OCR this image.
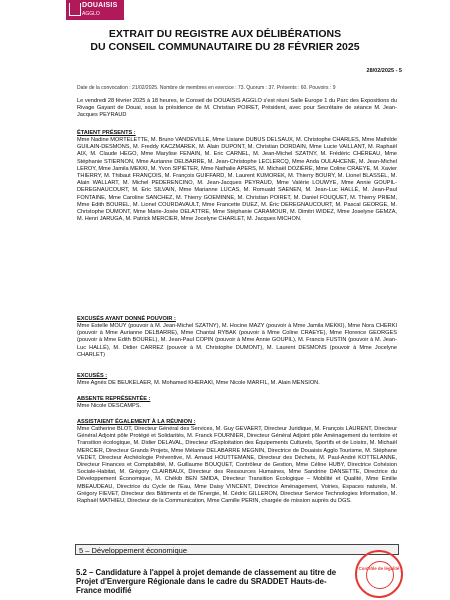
DOUAISIS
AGGLO
EXTRAIT DU REGISTRE AUX DÉLIBÉRATIONS
DU CONSEIL COMMUNAUTAIRE DU 28 FÉVRIER 2025
28/02/2025 - 5
Date de la convocation : 21/02/2025. Nombre de membres en exercice : 73. Quorum : 37. Présents : 60. Pouvoirs : 9
Le vendredi 28 février 2025 à 18 heures, le Conseil de DOUAISIS AGGLO s'est réuni Salle Europe 1 du Parc des Expositions du Rivage Gayant de Douai, sous la présidence de M. Christian POIRET, Président, avec pour Secrétaire de séance M. Jean-Jacques PEYRAUD
ÉTAIENT PRÉSENTS :
Mme Nadine MORTELETTE, M. Bruno VANDEVILLE, Mme Lisiane DUBUS DELSAUX, M. Christophe CHARLES, Mme Mathilde GUILAIN-DESMONS, M. Freddy KACZMAREK, M. Alain DUPONT, M. Christian DORDAIN, Mme Lucie VAILLANT, M. Raphaël AIX, M. Claude HEGO, Mme Marylise FENAIN, M. Eric CARNEL, M. Jean-Michel SZATNY, M. Frédéric CHÉREAU, Mme Stéphanie STIERNON, Mme Aurianne DELBARRE, M. Jean-Christophe LECLERCQ, Mme Anda OULAHCENE, M. Jean-Michel LEROY, Mme Jamila MEKKI, M. Yvon SIPIÉTER, Mme Nathalie APERS, M. Michaël DOZIÈRE, Mme Coline CRAEYE, M. Xavier THIERRY, M. Thibaut FRANÇOIS, M. François GUIFFARD, M. Laurent KUMOREK, M. Thierry BOURY, M. Lionel BLASSEL, M. Alain WALLART, M. Michel PEDERENCINO, M. Jean-Jacques PEYRAUD, Mme Valérie LOUWYE, Mme Annie GOUPIL-DEREGNAUCOURT, M. Eric SILVAIN, Mme Marianne LUCAS, M. Romuald SAENEN, M. Jean-Luc HALLÉ, M. Jean-Paul FONTAINE, Mme Caroline SANCHEZ, M. Thierry GOEMINNE, M. Christian POIRET, M. Daniel FOUQUET, M. Thierry PRIEM, Mme Edith BOUREL, M. Lionel COURDAVAULT, Mme Francette DUEZ, M. Éric DEREGNAUCOURT, M. Pascal GEORGE, M. Christophe DUMONT, Mme Marie-Josée DELATTRE, Mme Stéphanie CARAMOUR, M. Dimitri WIDEZ, Mme Joselyne GEMZA, M. Henri JARUGA, M. Patrick MERCIER, Mme Jocelyne CHARLET, M. Jacques MICHON.
EXCUSÉS AYANT DONNÉ POUVOIR :
Mme Estelle MOUY (pouvoir à M. Jean-Michel SZATNY), M. Hocine MAZY (pouvoir à Mme Jamila MEKKI), Mme Nora CHERKI (pouvoir à Mme Aurianne DELBARRE), Mme Chantal RYBAK (pouvoir à Mme Coline CRAEYE), Mme Florence GEORGES (pouvoir à Mme Edith BOUREL), M. Jean-Paul COPIN (pouvoir à Mme Annie GOUPIL), M. Francis FUSTIN (pouvoir à M. Jean-Luc HALLÉ), M. Didier CARREZ (pouvoir à M. Christophe DUMONT), M. Laurent DESMONS (pouvoir à Mme Jocelyne CHARLET)
EXCUSÉS :
Mme Agnès DE BEUKELAER, M. Mohamed KHERAKI, Mme Nicole MARFIL, M. Alain MENSION.
ABSENTE REPRÉSENTÉE :
Mme Nicole DESCAMPS.
ASSISTAIENT ÉGALEMENT À LA RÉUNION :
Mme Catherine BLOT, Directeur Général des Services, M. Guy GEVAERT, Directeur Juridique, M. François LAURENT, Directeur Général Adjoint pôle Protégé et Solidarités, M. Franck FOURNIER, Directeur Général Adjoint pôle Aménagement du territoire et Transition écologique, M. Didier DELAVAL, Directeur d'Exploitation des Équipements Culturels, Sportifs et de Loisirs, M. Michaël MERCIER, Directeur Grands Projets, Mme Mélanie DELABARRE MEGNIN, Directrice de Douaisis Agglo Tourisme, M. Stéphane VEDET, Directeur Archéologie Préventive, M. Arnaud HOUTTEMANE, Directeur des Déchets, M. Paul-André KOTTELANNE, Directeur Finances et Comptabilité, M. Guillaume BOUQUET, Contrôleur de Gestion, Mme Céline HUBY, Directrice Cohésion Sociale-Habitat, M. Grégory CLAIRBAUX, Directeur des Ressources Humaines, Mme Sandrine DANSETTE, Directrice du Développement Économique, M. Chékib BEN SMIDA, Directeur Transition Écologique – Mobilité et Qualité, Mme Emilie MBEAUDEAU, Directrice du Cycle de l'Eau, Mme Daisy VINCENT, Directrice Aménagement, Voiries, Espaces naturels, M. Grégory FIEVET, Directeur des Bâtiments et de l'Énergie, M. Cédric GILLERON, Directeur Service Technologies Information, M. Raphaël MATHIEU, Directeur de la Communication, Mme Camille PERIN, chargée de mission auprès du DGS.
5 – Développement économique
5.2 – Candidature à l'appel à projet demande de classement au titre de Projet d'Envergure Régionale dans le cadre du SRADDET Hauts-de-France modifié
Contrôle de légalité
